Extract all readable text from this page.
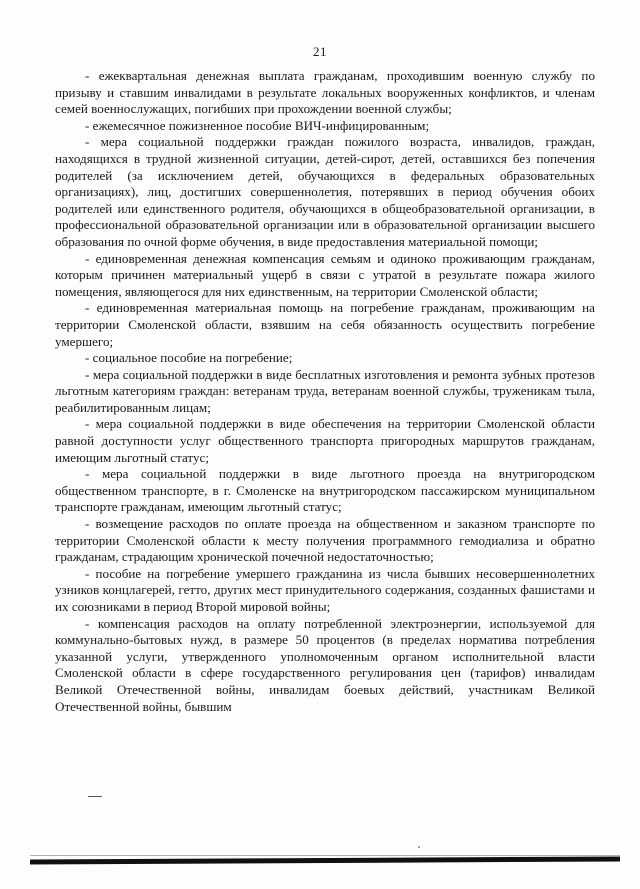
21

- ежеквартальная денежная выплата гражданам, проходившим военную службу по призыву и ставшим инвалидами в результате локальных вооруженных конфликтов, и членам семей военнослужащих, погибших при прохождении военной службы;

- ежемесячное пожизненное пособие ВИЧ-инфицированным;

- мера социальной поддержки граждан пожилого возраста, инвалидов, граждан, находящихся в трудной жизненной ситуации, детей-сирот, детей, оставшихся без попечения родителей (за исключением детей, обучающихся в федеральных образовательных организациях), лиц, достигших совершеннолетия, потерявших в период обучения обоих родителей или единственного родителя, обучающихся в общеобразовательной организации, в профессиональной образовательной организации или в образовательной организации высшего образования по очной форме обучения, в виде предоставления материальной помощи;

- единовременная денежная компенсация семьям и одиноко проживающим гражданам, которым причинен материальный ущерб в связи с утратой в результате пожара жилого помещения, являющегося для них единственным, на территории Смоленской области;

- единовременная материальная помощь на погребение гражданам, проживающим на территории Смоленской области, взявшим на себя обязанность осуществить погребение умершего;

- социальное пособие на погребение;

- мера социальной поддержки в виде бесплатных изготовления и ремонта зубных протезов льготным категориям граждан: ветеранам труда, ветеранам военной службы, труженикам тыла, реабилитированным лицам;

- мера социальной поддержки в виде обеспечения на территории Смоленской области равной доступности услуг общественного транспорта пригородных маршрутов гражданам, имеющим льготный статус;

- мера социальной поддержки в виде льготного проезда на внутригородском общественном транспорте, в г. Смоленске на внутригородском пассажирском муниципальном транспорте гражданам, имеющим льготный статус;

- возмещение расходов по оплате проезда на общественном и заказном транспорте по территории Смоленской области к месту получения программного гемодиализа и обратно гражданам, страдающим хронической почечной недостаточностью;

- пособие на погребение умершего гражданина из числа бывших несовершеннолетних узников концлагерей, гетто, других мест принудительного содержания, созданных фашистами и их союзниками в период Второй мировой войны;

- компенсация расходов на оплату потребленной электроэнергии, используемой для коммунально-бытовых нужд, в размере 50 процентов (в пределах норматива потребления указанной услуги, утвержденного уполномоченным органом исполнительной власти Смоленской области в сфере государственного регулирования цен (тарифов) инвалидам Великой Отечественной войны, инвалидам боевых действий, участникам Великой Отечественной войны, бывшим
